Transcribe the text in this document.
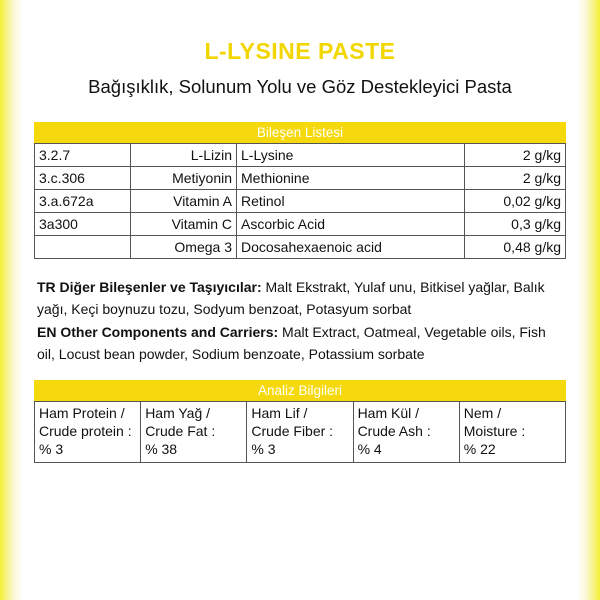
L-LYSINE PASTE
Bağışıklık, Solunum Yolu ve Göz Destekleyici Pasta
Bileşen Listesi
3.2.7	L-Lizin	L-Lysine	2 g/kg
3.c.306	Metiyonin	Methionine	2 g/kg
3.a.672a	Vitamin A	Retinol	0,02 g/kg
3a300	Vitamin C	Ascorbic Acid	0,3 g/kg
	Omega 3	Docosahexaenoic acid	0,48 g/kg
TR Diğer Bileşenler ve Taşıyıcılar: Malt Ekstrakt, Yulaf unu, Bitkisel yağlar, Balık yağı, Keçi boynuzu tozu, Sodyum benzoat, Potasyum sorbat
EN Other Components and Carriers: Malt Extract, Oatmeal, Vegetable oils, Fish oil, Locust bean powder, Sodium benzoate, Potassium sorbate
Analiz Bilgileri
Ham Protein /
Crude protein :
% 3

Ham Yağ /
Crude Fat :
% 38

Ham Lif /
Crude Fiber :
% 3

Ham Kül /
Crude Ash :
% 4

Nem /
Moisture :
% 22
